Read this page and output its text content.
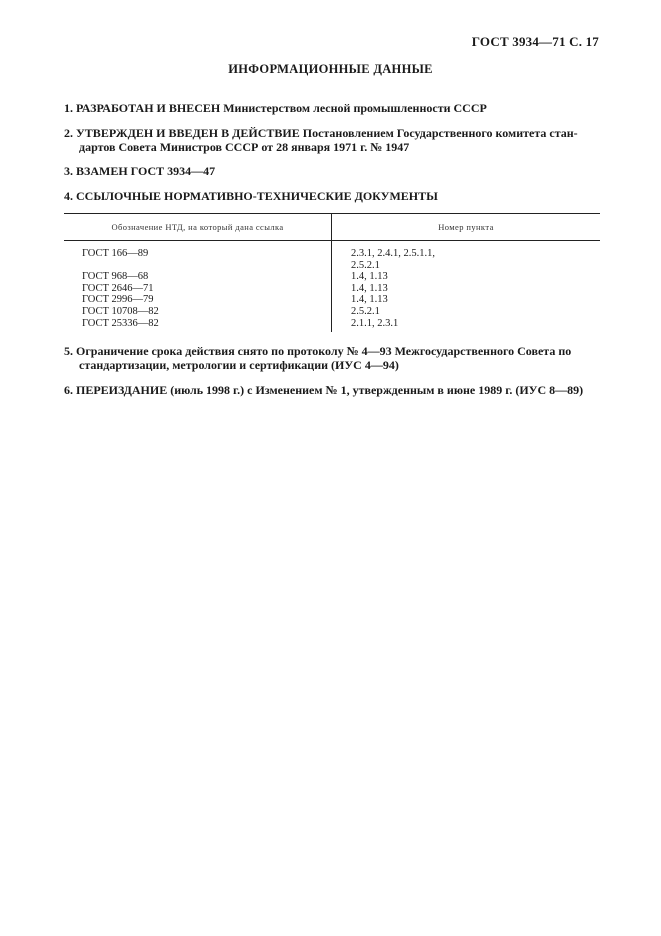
ГОСТ 3934—71 С. 17
ИНФОРМАЦИОННЫЕ ДАННЫЕ
1. РАЗРАБОТАН И ВНЕСЕН Министерством лесной промышленности СССР
2. УТВЕРЖДЕН И ВВЕДЕН В ДЕЙСТВИЕ Постановлением Государственного комитета стан-
дартов Совета Министров СССР от 28 января 1971 г. № 1947
3. ВЗАМЕН ГОСТ 3934—47
4. ССЫЛОЧНЫЕ НОРМАТИВНО-ТЕХНИЧЕСКИЕ ДОКУМЕНТЫ
Обозначение НТД, на который дана ссылка	Номер пункта
ГОСТ 166—89
ГОСТ 968—68
ГОСТ 2646—71
ГОСТ 2996—79
ГОСТ 10708—82
ГОСТ 25336—82
2.3.1, 2.4.1, 2.5.1.1,
2.5.2.1
1.4, 1.13
1.4, 1.13
1.4, 1.13
2.5.2.1
2.1.1, 2.3.1
5. Ограничение срока действия снято по протоколу № 4—93 Межгосударственного Совета по
стандартизации, метрологии и сертификации (ИУС 4—94)
6. ПЕРЕИЗДАНИЕ (июль 1998 г.) с Изменением № 1, утвержденным в июне 1989 г. (ИУС 8—89)
